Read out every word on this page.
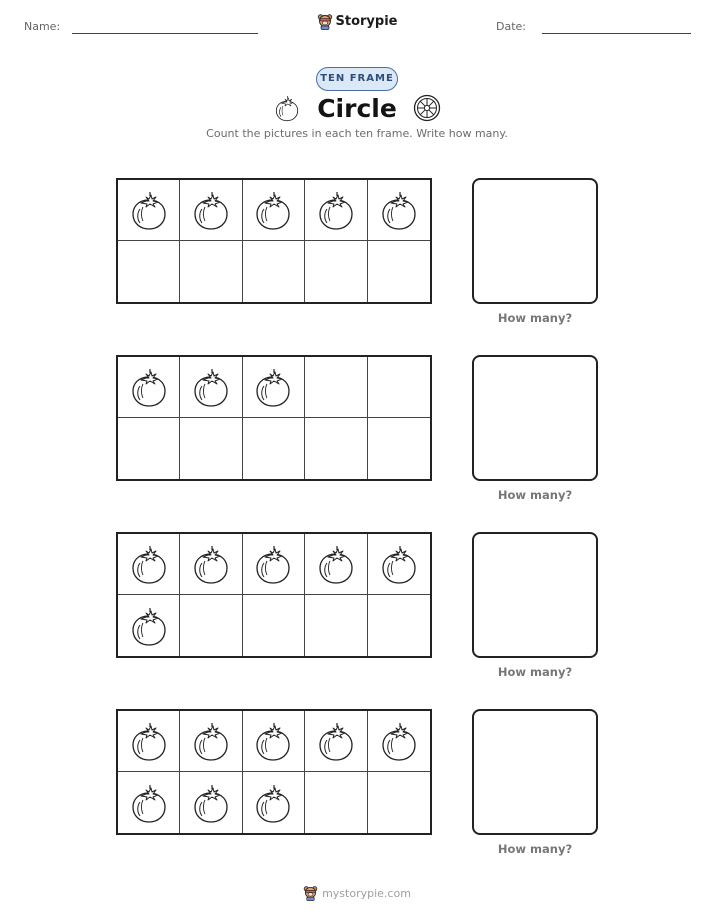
Name:	Storypie	Date:
TEN FRAME
Circle
Count the pictures in each ten frame. Write how many.
How many?
How many?
How many?
How many?
mystorypie.com
